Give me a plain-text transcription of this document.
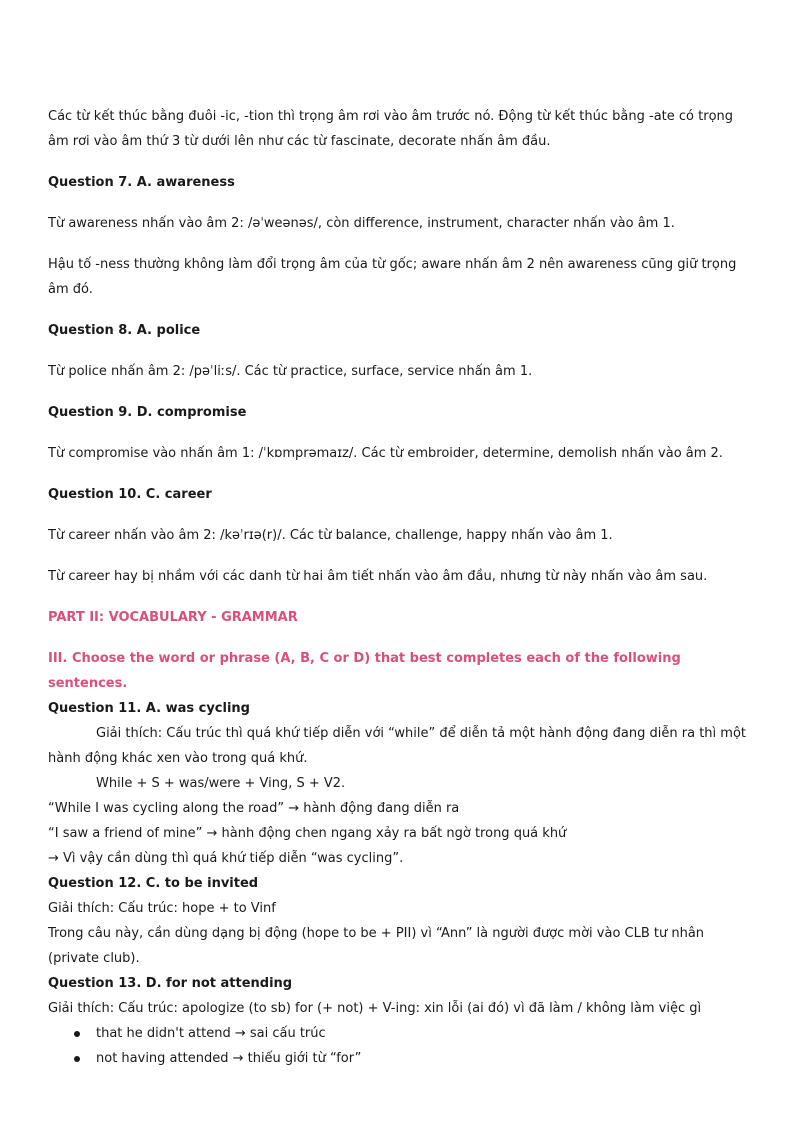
Các từ kết thúc bằng đuôi -ic, -tion thì trọng âm rơi vào âm trước nó. Động từ kết thúc bằng -ate có trọng

âm rơi vào âm thứ 3 từ dưới lên như các từ fascinate, decorate nhấn âm đầu.

Question 7. A. awareness

Từ awareness nhấn vào âm 2: /əˈweənəs/, còn difference, instrument, character nhấn vào âm 1.

Hậu tố -ness thường không làm đổi trọng âm của từ gốc; aware nhấn âm 2 nên awareness cũng giữ trọng

âm đó.

Question 8. A. police

Từ police nhấn âm 2: /pəˈliːs/. Các từ practice, surface, service nhấn âm 1.

Question 9. D. compromise

Từ compromise vào nhấn âm 1: /ˈkɒmprəmaɪz/. Các từ embroider, determine, demolish nhấn vào âm 2.

Question 10. C. career

Từ career nhấn vào âm 2: /kəˈrɪə(r)/. Các từ balance, challenge, happy nhấn vào âm 1.

Từ career hay bị nhầm với các danh từ hai âm tiết nhấn vào âm đầu, nhưng từ này nhấn vào âm sau.

PART II: VOCABULARY - GRAMMAR

III. Choose the word or phrase (A, B, C or D) that best completes each of the following sentences.

Question 11. A. was cycling

Giải thích: Cấu trúc thì quá khứ tiếp diễn với “while” để diễn tả một hành động đang diễn ra thì một

hành động khác xen vào trong quá khứ.

While + S + was/were + Ving, S + V2.

“While I was cycling along the road” → hành động đang diễn ra

“I saw a friend of mine” → hành động chen ngang xảy ra bất ngờ trong quá khứ

→ Vì vậy cần dùng thì quá khứ tiếp diễn “was cycling”.

Question 12. C. to be invited

Giải thích: Cấu trúc: hope + to Vinf

Trong câu này, cần dùng dạng bị động (hope to be + PII) vì “Ann” là người được mời vào CLB tư nhân

(private club).

Question 13. D. for not attending

Giải thích: Cấu trúc: apologize (to sb) for (+ not) + V-ing: xin lỗi (ai đó) vì đã làm / không làm việc gì

that he didn't attend → sai cấu trúc

not having attended → thiếu giới từ “for”
